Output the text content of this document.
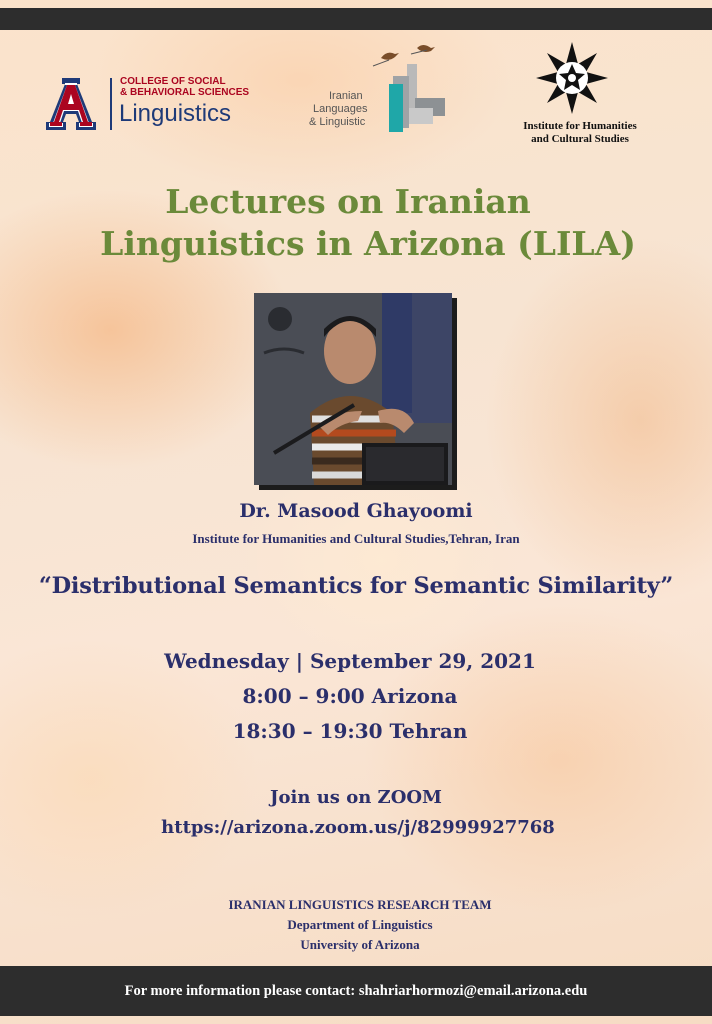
COLLEGE OF SOCIAL
& BEHAVIORAL SCIENCES
Linguistics
Iranian
Languages
& Linguistic	Institute for Humanities
and Cultural Studies
Lectures on Iranian
Linguistics in Arizona (LILA)
Dr. Masood Ghayoomi
Institute for Humanities and Cultural Studies,Tehran, Iran
“Distributional Semantics for Semantic Similarity”
Wednesday | September 29, 2021
8:00 – 9:00 Arizona
18:30 – 19:30 Tehran
Join us on ZOOM
https://arizona.zoom.us/j/82999927768
IRANIAN LINGUISTICS RESEARCH TEAM
Department of Linguistics
University of Arizona
For more information please contact: shahriarhormozi@email.arizona.edu
